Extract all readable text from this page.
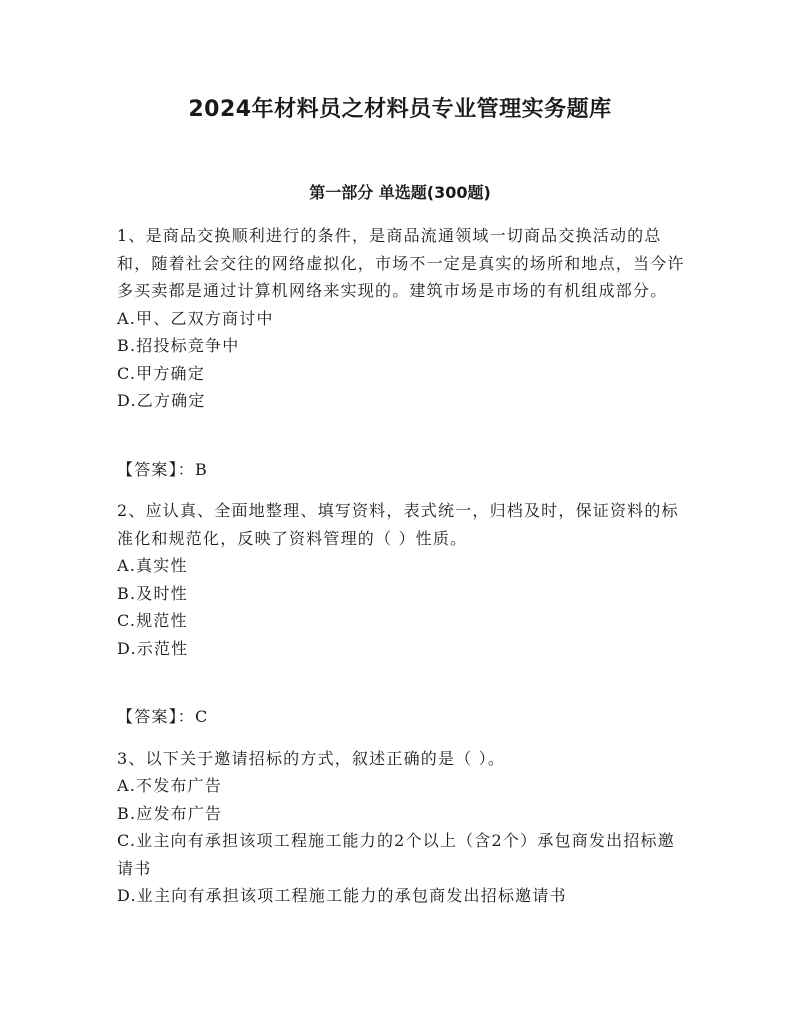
2024年材料员之材料员专业管理实务题库
第一部分 单选题(300题)

1、是商品交换顺利进行的条件，是商品流通领域一切商品交换活动的总和，随着社会交往的网络虚拟化，市场不一定是真实的场所和地点，当今许多买卖都是通过计算机网络来实现的。建筑市场是市场的有机组成部分。

A.甲、乙双方商讨中

B.招投标竞争中

C.甲方确定

D.乙方确定

【答案】：B

2、应认真、全面地整理、填写资料，表式统一，归档及时，保证资料的标准化和规范化，反映了资料管理的（ ）性质。

A.真实性

B.及时性

C.规范性

D.示范性

【答案】：C

3、以下关于邀请招标的方式，叙述正确的是（ ）。

A.不发布广告

B.应发布广告

C.业主向有承担该项工程施工能力的2个以上（含2个）承包商发出招标邀请书

D.业主向有承担该项工程施工能力的承包商发出招标邀请书
